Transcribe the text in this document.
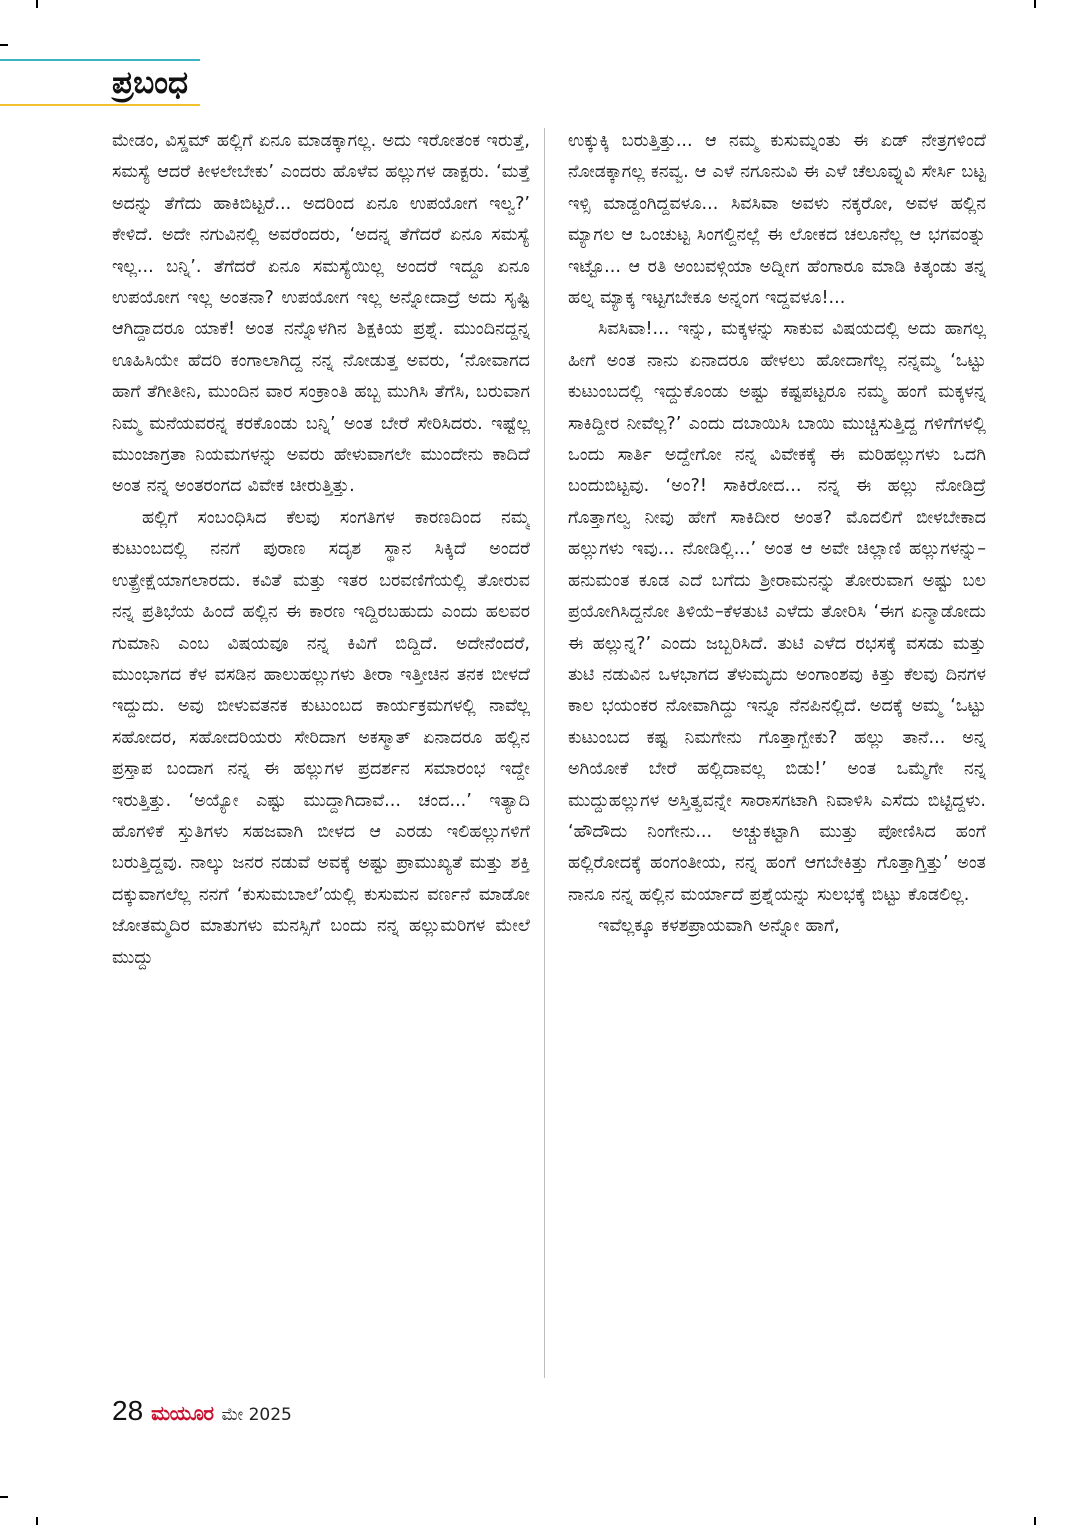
ಪ್ರಬಂಧ

ಮೇಡಂ, ವಿಸ್ಡಮ್ ಹಲ್ಲಿಗೆ ಏನೂ ಮಾಡಕ್ಕಾಗಲ್ಲ. ಅದು ಇರೋತಂಕ ಇರುತ್ತೆ, ಸಮಸ್ಯೆ ಆದರೆ ಕೀಳಲೇಬೇಕು’ ಎಂದರು ಹೊಳೆವ ಹಲ್ಲುಗಳ ಡಾಕ್ಟರು. ‘ಮತ್ತೆ ಅದನ್ನು ತೆಗೆದು ಹಾಕಿಬಿಟ್ಟರೆ... ಅದರಿಂದ ಏನೂ ಉಪಯೋಗ ಇಲ್ವ?’ ಕೇಳಿದೆ. ಅದೇ ನಗುವಿನಲ್ಲಿ ಅವರೆಂದರು, ‘ಅದನ್ನ ತೆಗೆದರೆ ಏನೂ ಸಮಸ್ಯೆ ಇಲ್ಲ... ಬನ್ನಿ’. ತೆಗೆದರೆ ಏನೂ ಸಮಸ್ಯೆಯಿಲ್ಲ ಅಂದರೆ ಇದ್ದೂ ಏನೂ ಉಪಯೋಗ ಇಲ್ಲ ಅಂತನಾ? ಉಪಯೋಗ ಇಲ್ಲ ಅನ್ನೋದಾದ್ರೆ ಅದು ಸೃಷ್ಟಿ ಆಗಿದ್ದಾದರೂ ಯಾಕೆ! ಅಂತ ನನ್ನೊಳಗಿನ ಶಿಕ್ಷಕಿಯ ಪ್ರಶ್ನೆ. ಮುಂದಿನದ್ದನ್ನ ಊಹಿಸಿಯೇ ಹೆದರಿ ಕಂಗಾಲಾಗಿದ್ದ ನನ್ನ ನೋಡುತ್ತ ಅವರು, ‘ನೋವಾಗದ ಹಾಗೆ ತೆಗೀತೀನಿ, ಮುಂದಿನ ವಾರ ಸಂಕ್ರಾಂತಿ ಹಬ್ಬ ಮುಗಿಸಿ ತೆಗೆಸಿ, ಬರುವಾಗ ನಿಮ್ಮ ಮನೆಯವರನ್ನ ಕರಕೊಂಡು ಬನ್ನಿ’ ಅಂತ ಬೇರೆ ಸೇರಿಸಿದರು. ಇಷ್ಟೆಲ್ಲ ಮುಂಜಾಗ್ರತಾ ನಿಯಮಗಳನ್ನು ಅವರು ಹೇಳುವಾಗಲೇ ಮುಂದೇನು ಕಾದಿದೆ ಅಂತ ನನ್ನ ಅಂತರಂಗದ ವಿವೇಕ ಚೀರುತ್ತಿತ್ತು.

ಹಲ್ಲಿಗೆ ಸಂಬಂಧಿಸಿದ ಕೆಲವು ಸಂಗತಿಗಳ ಕಾರಣದಿಂದ ನಮ್ಮ ಕುಟುಂಬದಲ್ಲಿ ನನಗೆ ಪುರಾಣ ಸದೃಶ ಸ್ಥಾನ ಸಿಕ್ಕಿದೆ ಅಂದರೆ ಉತ್ಪ್ರೇಕ್ಷೆಯಾಗಲಾರದು. ಕವಿತೆ ಮತ್ತು ಇತರ ಬರವಣಿಗೆಯಲ್ಲಿ ತೋರುವ ನನ್ನ ಪ್ರತಿಭೆಯ ಹಿಂದೆ ಹಲ್ಲಿನ ಈ ಕಾರಣ ಇದ್ದಿರಬಹುದು ಎಂದು ಹಲವರ ಗುಮಾನಿ ಎಂಬ ವಿಷಯವೂ ನನ್ನ ಕಿವಿಗೆ ಬಿದ್ದಿದೆ. ಅದೇನೆಂದರೆ, ಮುಂಭಾಗದ ಕೆಳ ವಸಡಿನ ಹಾಲುಹಲ್ಲುಗಳು ತೀರಾ ಇತ್ತೀಚಿನ ತನಕ ಬೀಳದೆ ಇದ್ದುದು. ಅವು ಬೀಳುವತನಕ ಕುಟುಂಬದ ಕಾರ್ಯಕ್ರಮಗಳಲ್ಲಿ ನಾವೆಲ್ಲ ಸಹೋದರ, ಸಹೋದರಿಯರು ಸೇರಿದಾಗ ಅಕಸ್ಮಾತ್ ಏನಾದರೂ ಹಲ್ಲಿನ ಪ್ರಸ್ತಾಪ ಬಂದಾಗ ನನ್ನ ಈ ಹಲ್ಲುಗಳ ಪ್ರದರ್ಶನ ಸಮಾರಂಭ ಇದ್ದೇ ಇರುತ್ತಿತ್ತು. ‘ಅಯ್ಯೋ ಎಷ್ಟು ಮುದ್ದಾಗಿದಾವೆ... ಚಂದ...’ ಇತ್ಯಾದಿ ಹೊಗಳಿಕೆ ಸ್ತುತಿಗಳು ಸಹಜವಾಗಿ ಬೀಳದ ಆ ಎರಡು ಇಲಿಹಲ್ಲುಗಳಿಗೆ ಬರುತ್ತಿದ್ದವು. ನಾಲ್ಕು ಜನರ ನಡುವೆ ಅವಕ್ಕೆ ಅಷ್ಟು ಪ್ರಾಮುಖ್ಯತೆ ಮತ್ತು ಶಕ್ತಿ ದಕ್ಕುವಾಗಲೆಲ್ಲ ನನಗೆ ‘ಕುಸುಮಬಾಲೆ’ಯಲ್ಲಿ ಕುಸುಮನ ವರ್ಣನೆ ಮಾಡೋ ಜೋತಮ್ಮದಿರ ಮಾತುಗಳು ಮನಸ್ಸಿಗೆ ಬಂದು ನನ್ನ ಹಲ್ಲುಮರಿಗಳ ಮೇಲೆ ಮುದ್ದು

ಉಕ್ಕುಕ್ಕಿ ಬರುತ್ತಿತ್ತು... ಆ ನಮ್ಮ ಕುಸುಮ್ನಂತು ಈ ಏಡ್ ನೇತ್ರಗಳಿಂದೆ ನೋಡಕ್ಕಾಗಲ್ಲ ಕನವ್ವ. ಆ ಎಳೆ ನಗೂನುವಿ ಈ ಎಳೆ ಚೆಲೂವ್ನುವಿ ಸೇರ್ಸಿ ಬಟ್ಟ ಇಳ್ಸಿ ಮಾಡ್ದಂಗಿದ್ದವಳೂ... ಸಿವಸಿವಾ ಅವಳು ನಕ್ಕರೋ, ಅವಳ ಹಲ್ಲಿನ ಮ್ಯಾಗಲ ಆ ಒಂಚುಟ್ಟ ಸಿಂಗಲ್ದಿನಲ್ಲೆ ಈ ಲೋಕದ ಚಲೂನೆಲ್ಲ ಆ ಭಗವಂತ್ನು ಇಟ್ಟೊ... ಆ ರತಿ ಅಂಬವಳ್ಗಿಯಾ ಅದ್ನೀಗ ಹೆಂಗಾರೂ ಮಾಡಿ ಕಿತ್ಕಂಡು ತನ್ನ ಹಲ್ನ ಮ್ಯಾಕ್ಕ ಇಟ್ಟಗಬೇಕೂ ಅನ್ನಂಗ ಇದ್ದವಳೂ!...

ಸಿವಸಿವಾ!... ಇನ್ನು, ಮಕ್ಕಳನ್ನು ಸಾಕುವ ವಿಷಯದಲ್ಲಿ ಅದು ಹಾಗಲ್ಲ ಹೀಗೆ ಅಂತ ನಾನು ಏನಾದರೂ ಹೇಳಲು ಹೋದಾಗೆಲ್ಲ ನನ್ನಮ್ಮ ‘ಒಟ್ಟು ಕುಟುಂಬದಲ್ಲಿ ಇದ್ದುಕೊಂಡು ಅಷ್ಟು ಕಷ್ಟಪಟ್ಟರೂ ನಮ್ಮ ಹಂಗೆ ಮಕ್ಕಳನ್ನ ಸಾಕಿದ್ದೀರ ನೀವೆಲ್ಲ?’ ಎಂದು ದಬಾಯಿಸಿ ಬಾಯಿ ಮುಚ್ಚಿಸುತ್ತಿದ್ದ ಗಳಿಗೆಗಳಲ್ಲಿ ಒಂದು ಸಾರ್ತಿ ಅದ್ದೇಗೋ ನನ್ನ ವಿವೇಕಕ್ಕೆ ಈ ಮರಿಹಲ್ಲುಗಳು ಒದಗಿ ಬಂದುಬಿಟ್ಟವು. ‘ಅಂ?! ಸಾಕಿರೋದ... ನನ್ನ ಈ ಹಲ್ಲು ನೋಡಿದ್ರೆ ಗೊತ್ತಾಗಲ್ವ ನೀವು ಹೇಗೆ ಸಾಕಿದೀರ ಅಂತ? ಮೊದಲಿಗೆ ಬೀಳಬೇಕಾದ ಹಲ್ಲುಗಳು ಇವು... ನೋಡಿಲ್ಲಿ...’ ಅಂತ ಆ ಅವೇ ಚಿಲ್ಲಾಣಿ ಹಲ್ಲುಗಳನ್ನು–ಹನುಮಂತ ಕೂಡ ಎದೆ ಬಗೆದು ಶ್ರೀರಾಮನನ್ನು ತೋರುವಾಗ ಅಷ್ಟು ಬಲ ಪ್ರಯೋಗಿಸಿದ್ದನೋ ತಿಳಿಯೆ–ಕೆಳತುಟಿ ಎಳೆದು ತೋರಿಸಿ ‘ಈಗ ಏನ್ಮಾಡೋದು ಈ ಹಲ್ಲುನ್ನ?’ ಎಂದು ಜಬ್ಬರಿಸಿದೆ. ತುಟಿ ಎಳೆದ ರಭಸಕ್ಕೆ ವಸಡು ಮತ್ತು ತುಟಿ ನಡುವಿನ ಒಳಭಾಗದ ತೆಳುಮೃದು ಅಂಗಾಂಶವು ಕಿತ್ತು ಕೆಲವು ದಿನಗಳ ಕಾಲ ಭಯಂಕರ ನೋವಾಗಿದ್ದು ಇನ್ನೂ ನೆನಪಿನಲ್ಲಿದೆ. ಅದಕ್ಕೆ ಅಮ್ಮ ‘ಒಟ್ಟು ಕುಟುಂಬದ ಕಷ್ಟ ನಿಮಗೇನು ಗೊತ್ತಾಗ್ಬೇಕು? ಹಲ್ಲು ತಾನೆ... ಅನ್ನ ಅಗಿಯೋಕೆ ಬೇರೆ ಹಲ್ಲಿದಾವಲ್ಲ ಬಿಡು!’ ಅಂತ ಒಮ್ಮೆಗೇ ನನ್ನ ಮುದ್ದುಹಲ್ಲುಗಳ ಅಸ್ತಿತ್ವವನ್ನೇ ಸಾರಾಸಗಟಾಗಿ ನಿವಾಳಿಸಿ ಎಸೆದು ಬಿಟ್ಟಿದ್ದಳು. ‘ಹೌದೌದು ನಿಂಗೇನು... ಅಚ್ಚುಕಟ್ಟಾಗಿ ಮುತ್ತು ಪೋಣಿಸಿದ ಹಂಗೆ ಹಲ್ಲಿರೋದಕ್ಕೆ ಹಂಗಂತೀಯ, ನನ್ನ ಹಂಗೆ ಆಗಬೇಕಿತ್ತು ಗೊತ್ತಾಗ್ತಿತ್ತು’ ಅಂತ ನಾನೂ ನನ್ನ ಹಲ್ಲಿನ ಮರ್ಯಾದೆ ಪ್ರಶ್ನೆಯನ್ನು ಸುಲಭಕ್ಕೆ ಬಿಟ್ಟು ಕೊಡಲಿಲ್ಲ.

ಇವೆಲ್ಲಕ್ಕೂ ಕಳಶಪ್ರಾಯವಾಗಿ ಅನ್ನೋ ಹಾಗೆ,

28 ಮಯೂರ ಮೇ 2025
